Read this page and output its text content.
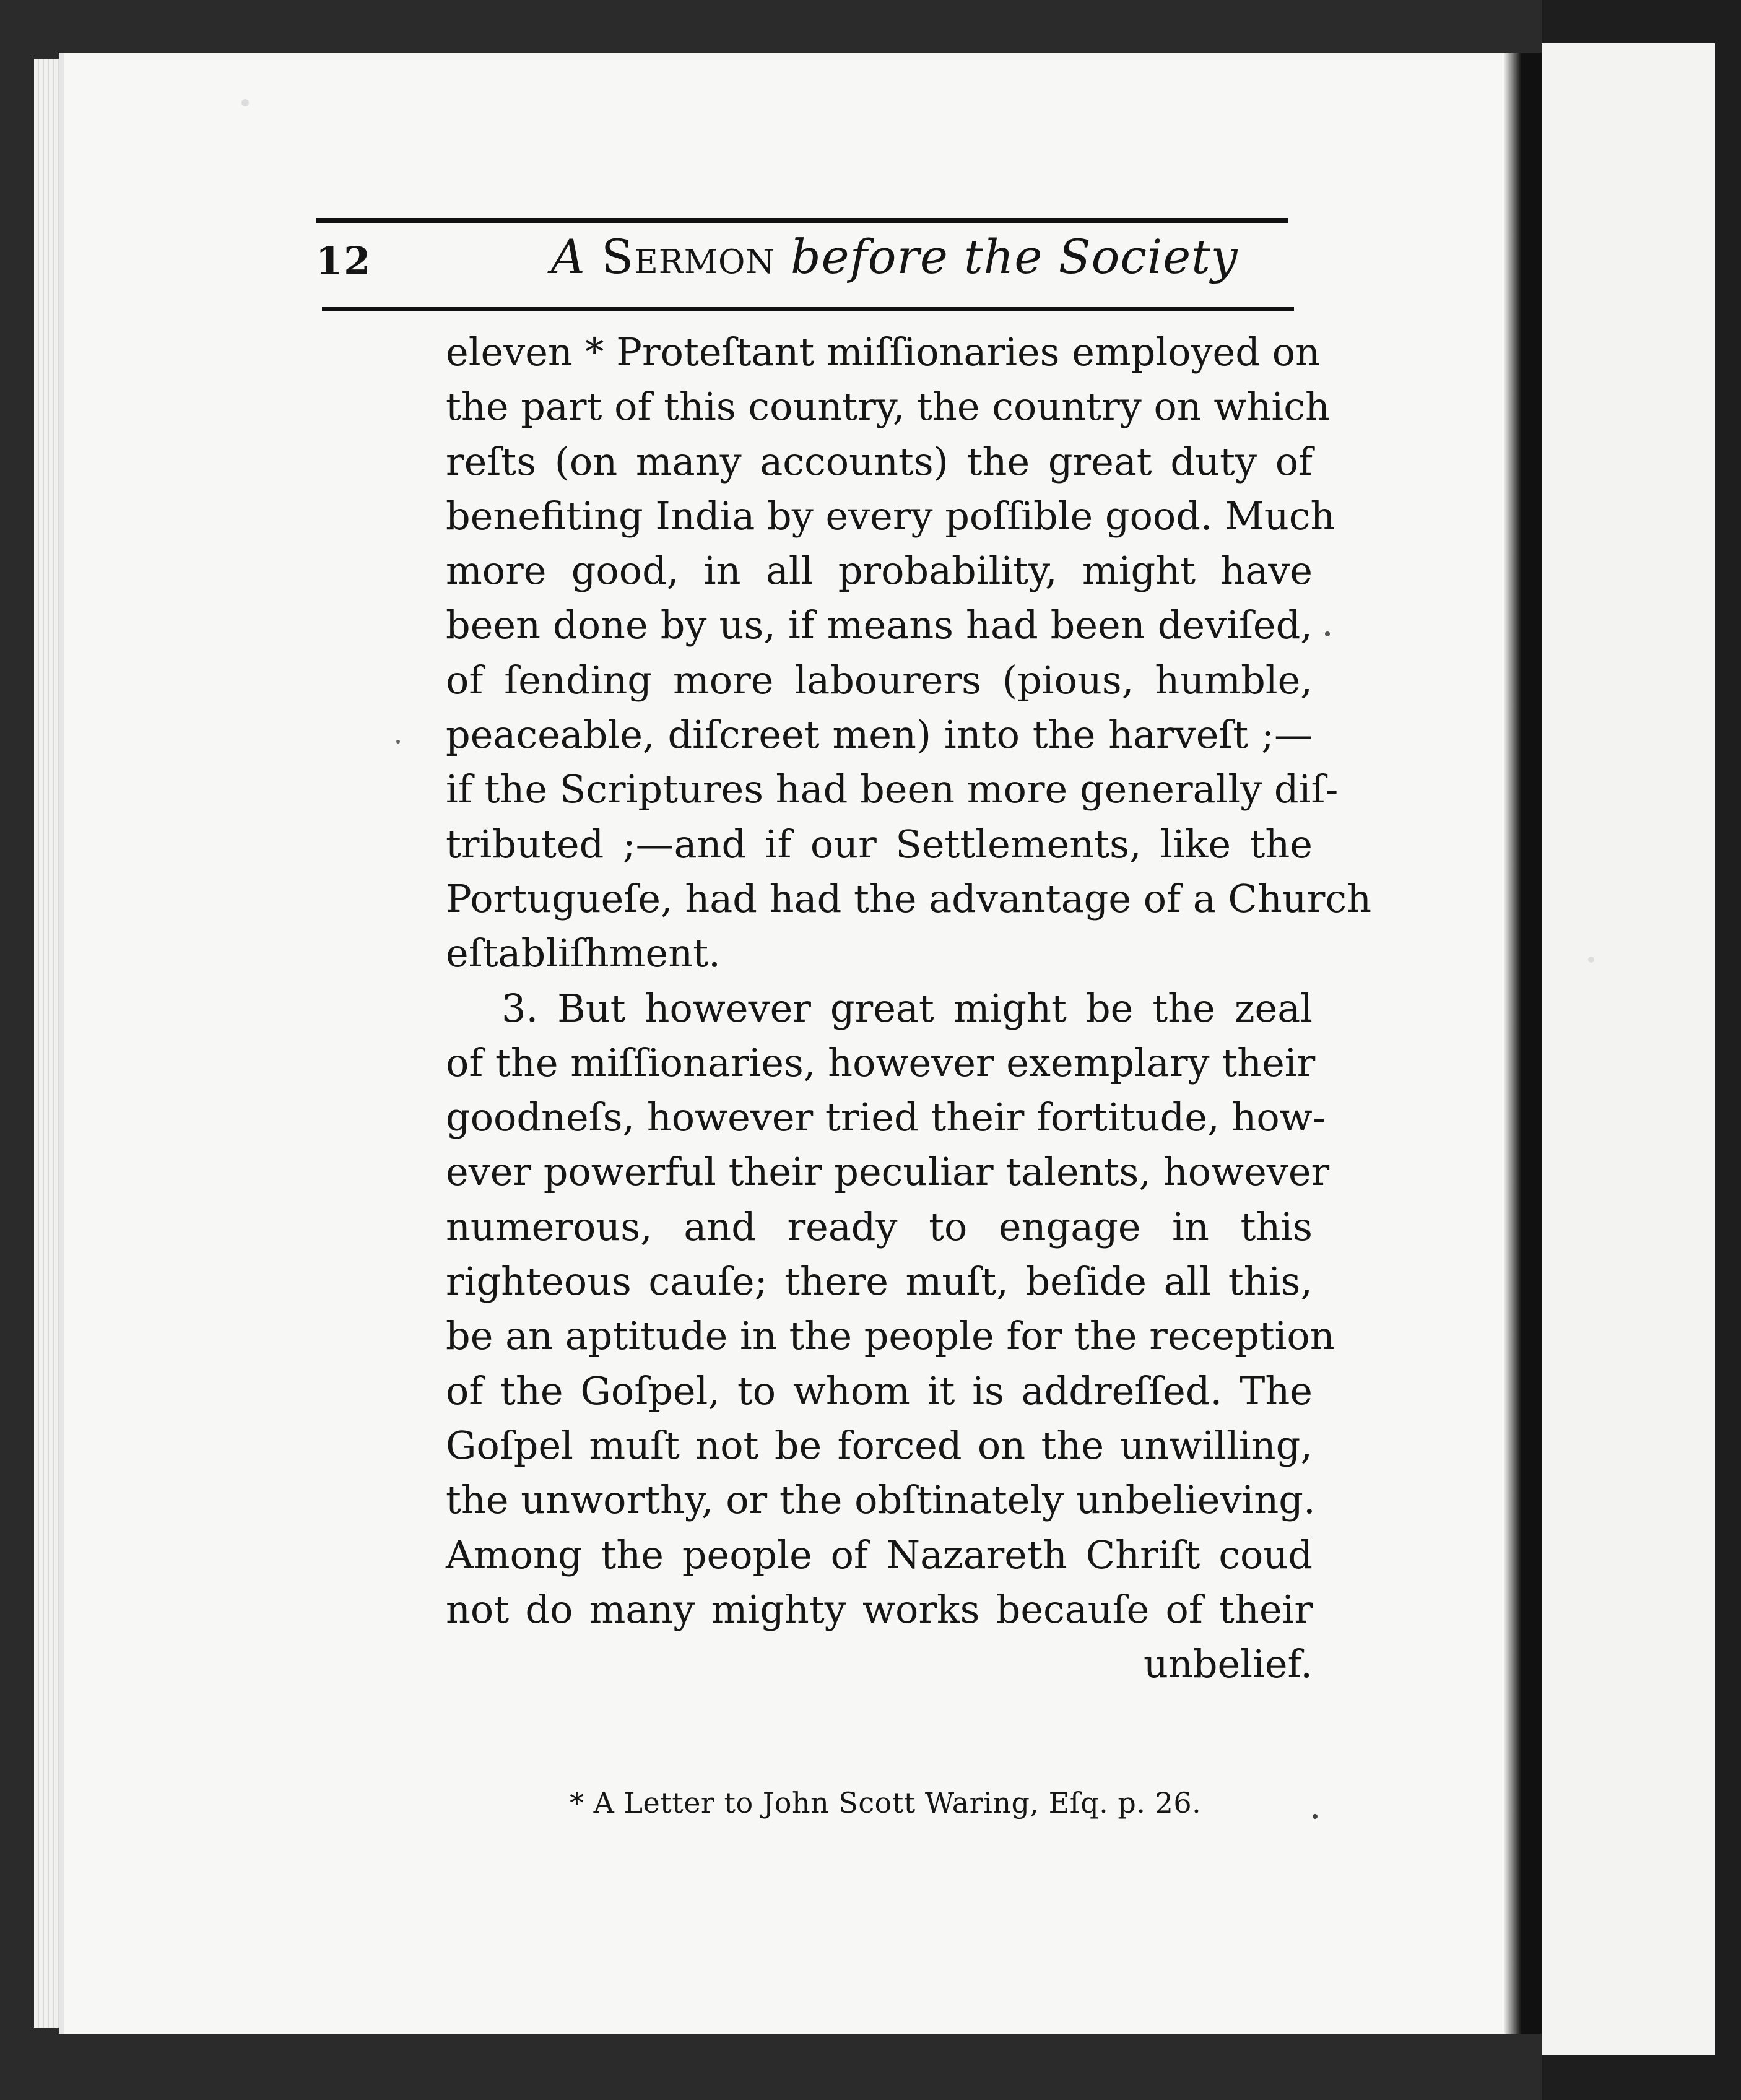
12	A Sermon before the Society
eleven * Proteſtant miſſionaries employed on
the part of this country, the country on which
reſts (on many accounts) the great duty of
benefiting India by every poſſible good. Much
more good, in all probability, might have
been done by us, if means had been deviſed,
of ſending more labourers (pious, humble,
peaceable, diſcreet men) into the harveſt ;—
if the Scriptures had been more generally diſ-
tributed ;—and if our Settlements, like the
Portugueſe, had had the advantage of a Church
eſtabliſhment.
3. But however great might be the zeal
of the miſſionaries, however exemplary their
goodneſs, however tried their fortitude, how-
ever powerful their peculiar talents, however
numerous, and ready to engage in this
righteous cauſe; there muſt, beſide all this,
be an aptitude in the people for the reception
of the Goſpel, to whom it is addreſſed. The
Goſpel muſt not be forced on the unwilling,
the unworthy, or the obſtinately unbelieving.
Among the people of Nazareth Chriſt coud
not do many mighty works becauſe of their
unbelief.
* A Letter to John Scott Waring, Eſq. p. 26.
